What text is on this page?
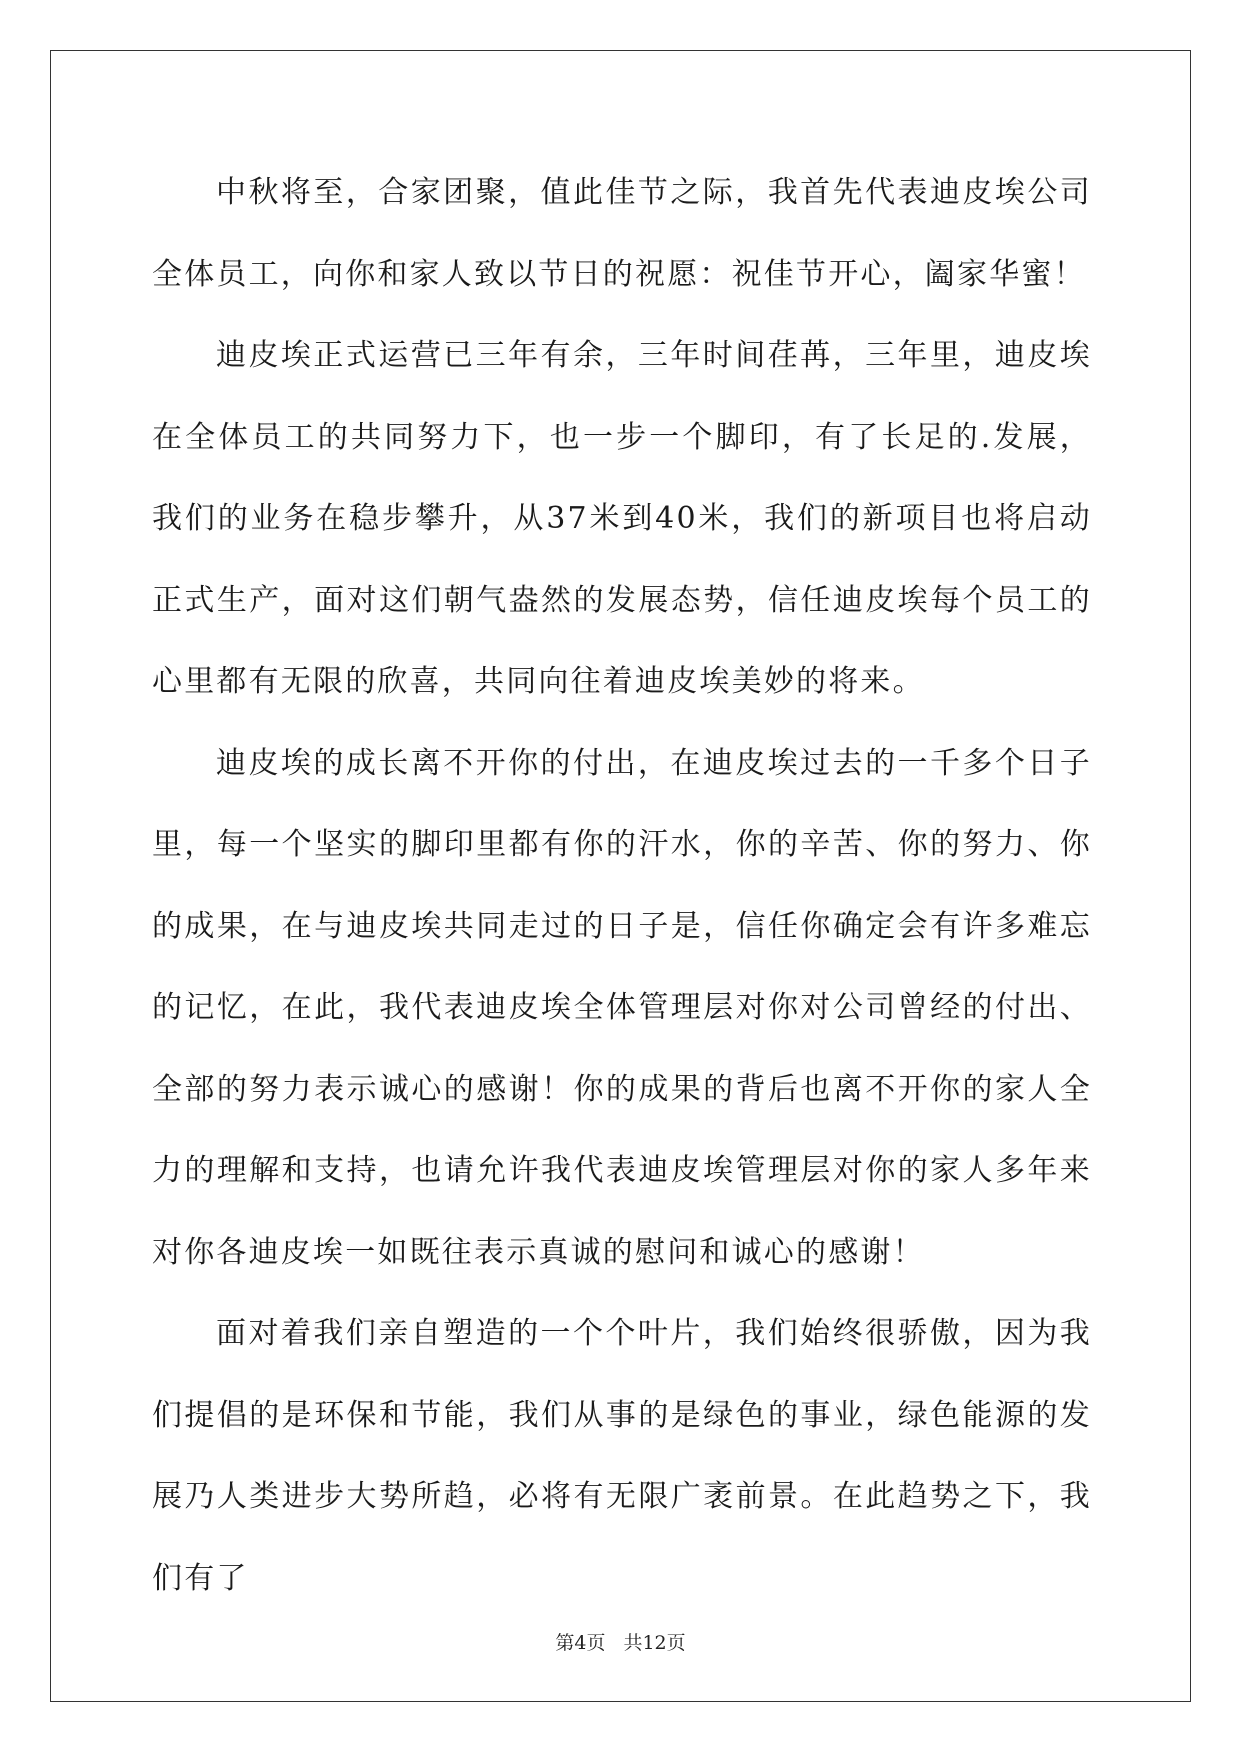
中秋将至，合家团聚，值此佳节之际，我首先代表迪皮埃公司全体员工，向你和家人致以节日的祝愿：祝佳节开心，阖家华蜜！

迪皮埃正式运营已三年有余，三年时间荏苒，三年里，迪皮埃在全体员工的共同努力下，也一步一个脚印，有了长足的.发展，我们的业务在稳步攀升，从37米到40米，我们的新项目也将启动正式生产，面对这们朝气盎然的发展态势，信任迪皮埃每个员工的心里都有无限的欣喜，共同向往着迪皮埃美妙的将来。

迪皮埃的成长离不开你的付出，在迪皮埃过去的一千多个日子里，每一个坚实的脚印里都有你的汗水，你的辛苦、你的努力、你的成果，在与迪皮埃共同走过的日子是，信任你确定会有许多难忘的记忆，在此，我代表迪皮埃全体管理层对你对公司曾经的付出、全部的努力表示诚心的感谢！你的成果的背后也离不开你的家人全力的理解和支持，也请允许我代表迪皮埃管理层对你的家人多年来对你各迪皮埃一如既往表示真诚的慰问和诚心的感谢！

面对着我们亲自塑造的一个个叶片，我们始终很骄傲，因为我们提倡的是环保和节能，我们从事的是绿色的事业，绿色能源的发展乃人类进步大势所趋，必将有无限广袤前景。在此趋势之下，我们有了

第4页 共12页
